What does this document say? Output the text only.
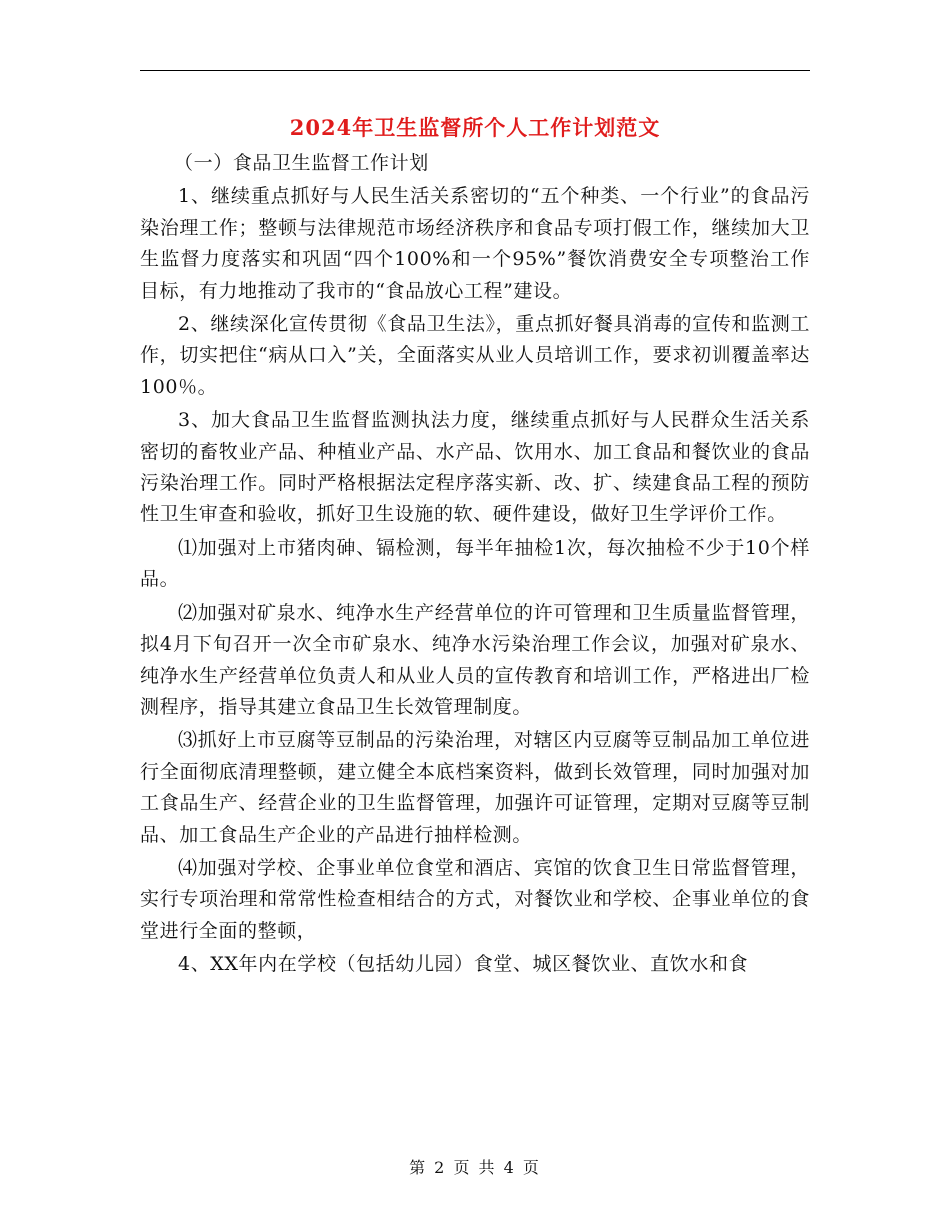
2024年卫生监督所个人工作计划范文

（一）食品卫生监督工作计划

1、继续重点抓好与人民生活关系密切的“五个种类、一个行业”的食品污染治理工作；整顿与法律规范市场经济秩序和食品专项打假工作，继续加大卫生监督力度落实和巩固“四个100%和一个95%”餐饮消费安全专项整治工作目标，有力地推动了我市的“食品放心工程”建设。

2、继续深化宣传贯彻《食品卫生法》，重点抓好餐具消毒的宣传和监测工作，切实把住“病从口入”关，全面落实从业人员培训工作，要求初训覆盖率达100％。

3、加大食品卫生监督监测执法力度，继续重点抓好与人民群众生活关系密切的畜牧业产品、种植业产品、水产品、饮用水、加工食品和餐饮业的食品污染治理工作。同时严格根据法定程序落实新、改、扩、续建食品工程的预防性卫生审查和验收，抓好卫生设施的软、硬件建设，做好卫生学评价工作。

⑴加强对上市猪肉砷、镉检测，每半年抽检1次，每次抽检不少于10个样品。

⑵加强对矿泉水、纯净水生产经营单位的许可管理和卫生质量监督管理，拟4月下旬召开一次全市矿泉水、纯净水污染治理工作会议，加强对矿泉水、纯净水生产经营单位负责人和从业人员的宣传教育和培训工作，严格进出厂检测程序，指导其建立食品卫生长效管理制度。

⑶抓好上市豆腐等豆制品的污染治理，对辖区内豆腐等豆制品加工单位进行全面彻底清理整顿，建立健全本底档案资料，做到长效管理，同时加强对加工食品生产、经营企业的卫生监督管理，加强许可证管理，定期对豆腐等豆制品、加工食品生产企业的产品进行抽样检测。

⑷加强对学校、企事业单位食堂和酒店、宾馆的饮食卫生日常监督管理，实行专项治理和常常性检查相结合的方式，对餐饮业和学校、企事业单位的食堂进行全面的整顿，

4、XX年内在学校（包括幼儿园）食堂、城区餐饮业、直饮水和食

第 2 页 共 4 页
